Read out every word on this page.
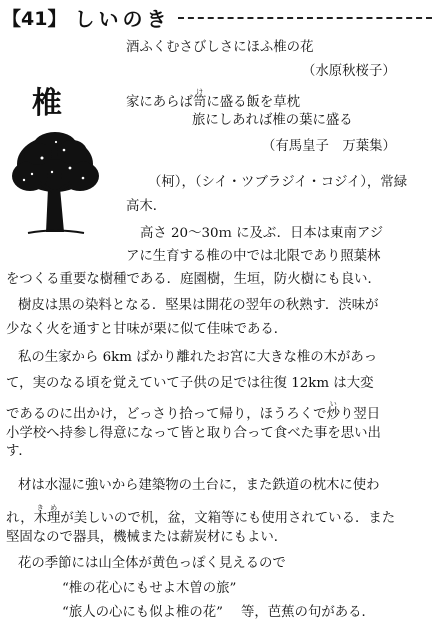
【41】 しいのき
椎
酒ふくむさびしさにほふ椎の花
（水原秋桜子）
家にあらば笥けに盛る飯を草枕
旅にしあれば椎の葉に盛る
（有馬皇子　万葉集）
（柯），（シイ・ツブラジイ・コジイ），常緑
高木．
高さ 20～30ｍ に及ぶ．日本は東南アジ
アに生育する椎の中では北限であり照葉林
をつくる重要な樹種である．庭園樹，生垣，防火樹にも良い．
樹皮は黒の染料となる．堅果は開花の翌年の秋熟す．渋味が
少なく火を通すと甘味が栗に似て佳味である．
私の生家から 6km ばかり離れたお宮に大きな椎の木があっ
て，実のなる頃を覚えていて子供の足では往復 12km は大変
であるのに出かけ，どっさり拾って帰り，ほうろくで炒いり翌日
小学校へ持参し得意になって皆と取り合って食べた事を思い出
す．
材は水湿に強いから建築物の土台に，また鉄道の枕木に使わ
れ，木理きめが美しいので机，盆，文箱等にも使用されている．また
堅固なので器具，機械または薪炭材にもよい．
花の季節には山全体が黄色っぽく見えるので
“椎の花心にもせよ木曽の旅”
“旅人の心にも似よ椎の花” 等，芭蕉の句がある．
